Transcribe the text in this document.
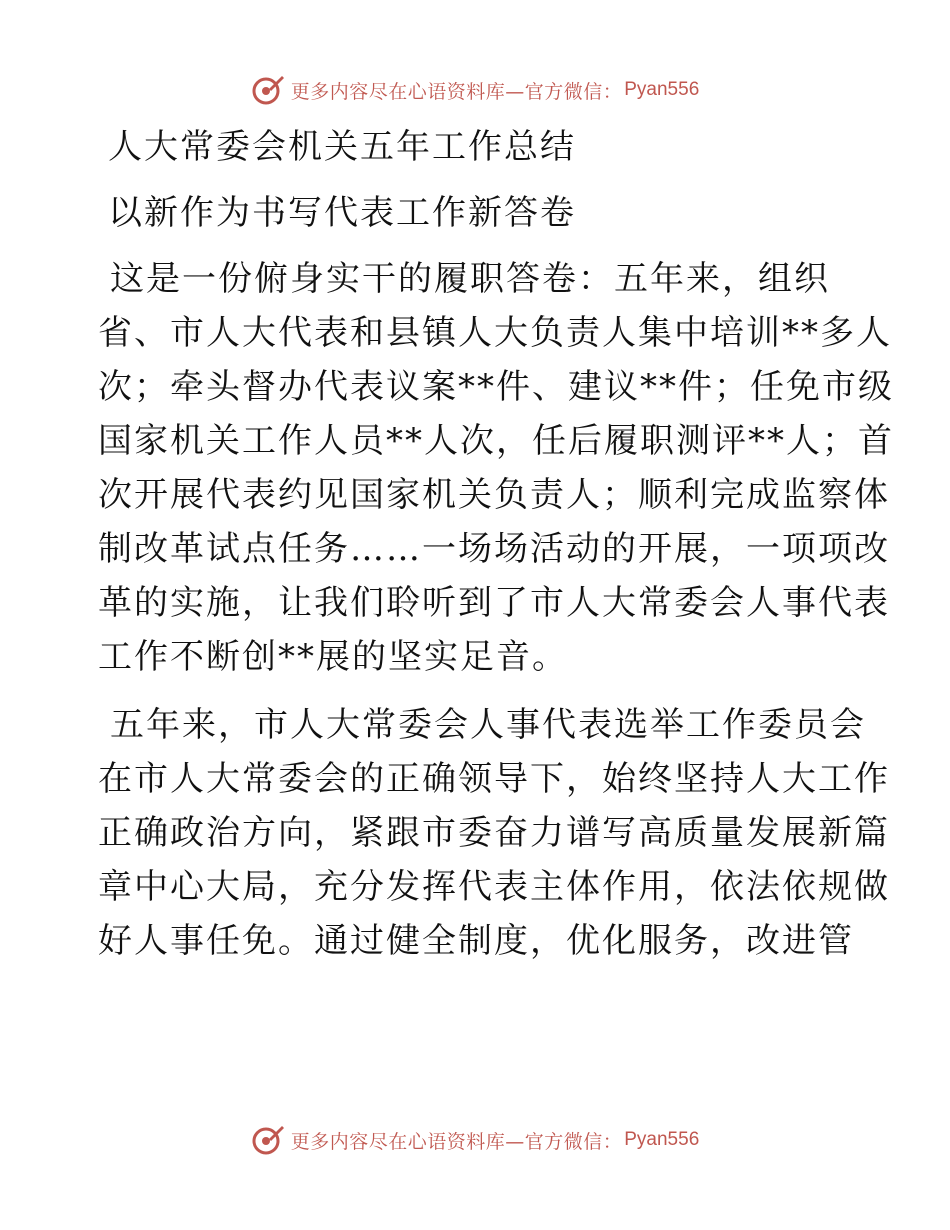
更多内容尽在心语资料库—官方微信： Pyan556

人大常委会机关五年工作总结

以新作为书写代表工作新答卷

这是一份俯身实干的履职答卷：五年来，组织

省、市人大代表和县镇人大负责人集中培训**多人

次；牵头督办代表议案**件、建议**件；任免市级

国家机关工作人员**人次，任后履职测评**人；首

次开展代表约见国家机关负责人；顺利完成监察体

制改革试点任务……一场场活动的开展，一项项改

革的实施，让我们聆听到了市人大常委会人事代表

工作不断创**展的坚实足音。

五年来，市人大常委会人事代表选举工作委员会

在市人大常委会的正确领导下，始终坚持人大工作

正确政治方向，紧跟市委奋力谱写高质量发展新篇

章中心大局，充分发挥代表主体作用，依法依规做

好人事任免。通过健全制度，优化服务，改进管

更多内容尽在心语资料库—官方微信： Pyan556
